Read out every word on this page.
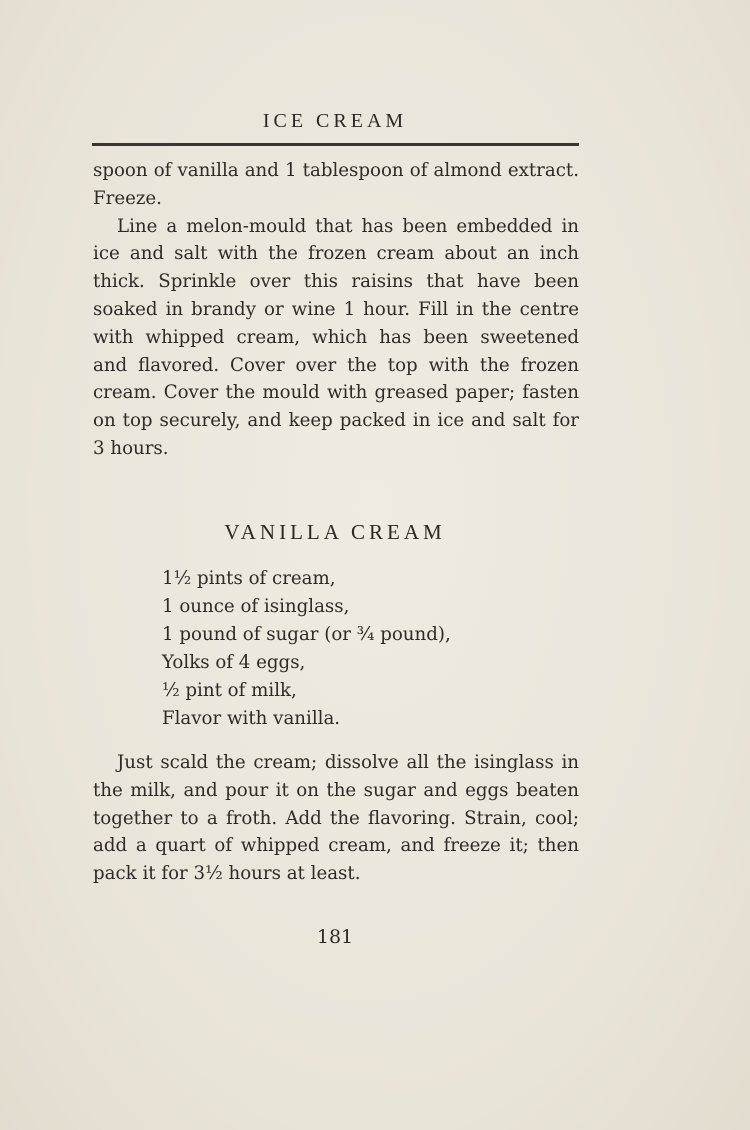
ICE CREAM

spoon of vanilla and 1 tablespoon of almond extract. Freeze.

Line a melon-mould that has been embedded in ice and salt with the frozen cream about an inch thick. Sprinkle over this raisins that have been soaked in brandy or wine 1 hour. Fill in the centre with whipped cream, which has been sweetened and flavored. Cover over the top with the frozen cream. Cover the mould with greased paper; fasten on top securely, and keep packed in ice and salt for 3 hours.

VANILLA CREAM
1½ pints of cream,
1 ounce of isinglass,
1 pound of sugar (or ¾ pound),
Yolks of 4 eggs,
½ pint of milk,
Flavor with vanilla.

Just scald the cream; dissolve all the isinglass in the milk, and pour it on the sugar and eggs beaten together to a froth. Add the flavoring. Strain, cool; add a quart of whipped cream, and freeze it; then pack it for 3½ hours at least.

181
